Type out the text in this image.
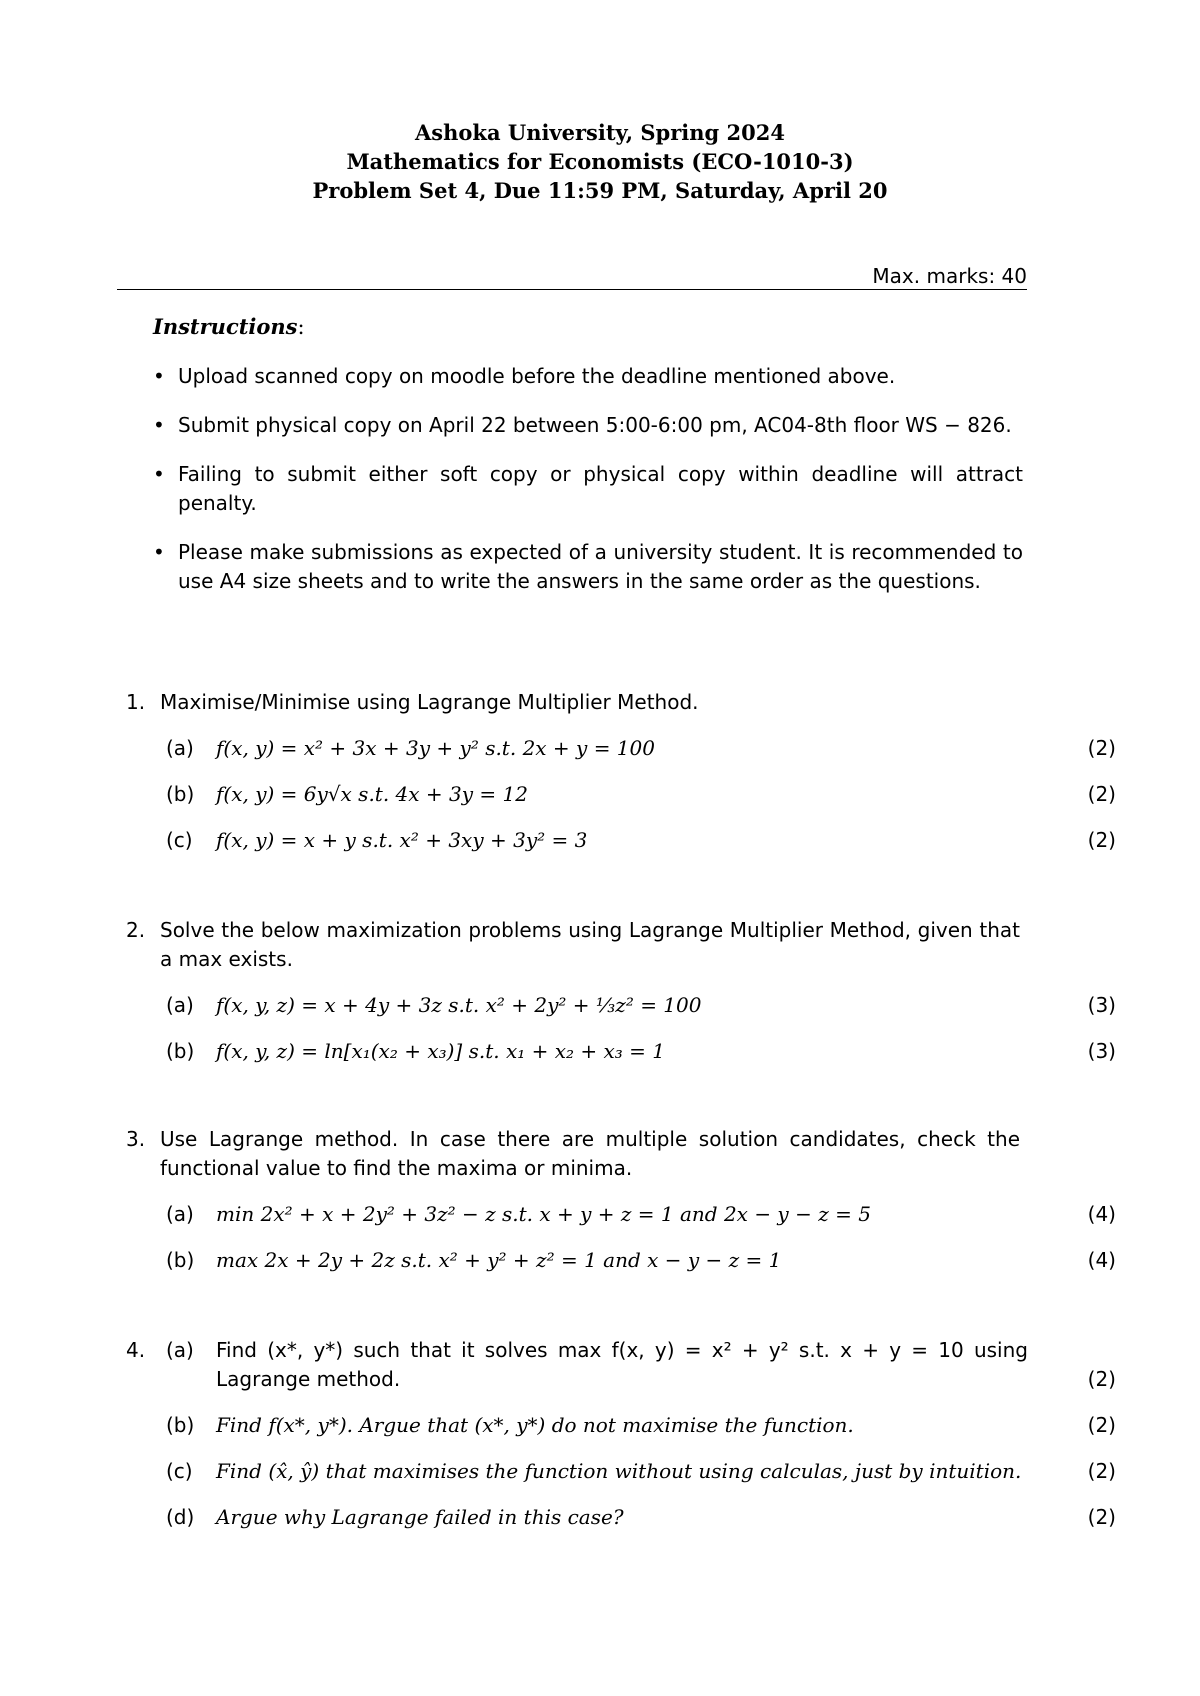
Ashoka University, Spring 2024
Mathematics for Economists (ECO-1010-3)
Problem Set 4, Due 11:59 PM, Saturday, April 20
Max. marks: 40
Instructions:
• Upload scanned copy on moodle before the deadline mentioned above.
• Submit physical copy on April 22 between 5:00-6:00 pm, AC04-8th floor WS − 826.
• Failing to submit either soft copy or physical copy within deadline will attract penalty.
• Please make submissions as expected of a university student. It is recommended to use A4 size sheets and to write the answers in the same order as the questions.
1. Maximise/Minimise using Lagrange Multiplier Method.
(a)	f(x, y) = x² + 3x + 3y + y² s.t. 2x + y = 100	(2)
(b)	f(x, y) = 6y√x s.t. 4x + 3y = 12	(2)
(c)	f(x, y) = x + y s.t. x² + 3xy + 3y² = 3	(2)
2. Solve the below maximization problems using Lagrange Multiplier Method, given that a max exists.
(a)	f(x, y, z) = x + 4y + 3z s.t. x² + 2y² + ⅓z² = 100	(3)
(b)	f(x, y, z) = ln[x₁(x₂ + x₃)] s.t. x₁ + x₂ + x₃ = 1	(3)
3. Use Lagrange method. In case there are multiple solution candidates, check the functional value to find the maxima or minima.
(a)	min 2x² + x + 2y² + 3z² − z s.t. x + y + z = 1 and 2x − y − z = 5	(4)
(b)	max 2x + 2y + 2z s.t. x² + y² + z² = 1 and x − y − z = 1	(4)
4. (a)	Find (x*, y*) such that it solves max f(x, y) = x² + y² s.t. x + y = 10 using Lagrange method.	(2)
(b)	Find f(x*, y*). Argue that (x*, y*) do not maximise the function.	(2)
(c)	Find (x̂, ŷ) that maximises the function without using calculas, just by intuition.	(2)
(d)	Argue why Lagrange failed in this case?	(2)
